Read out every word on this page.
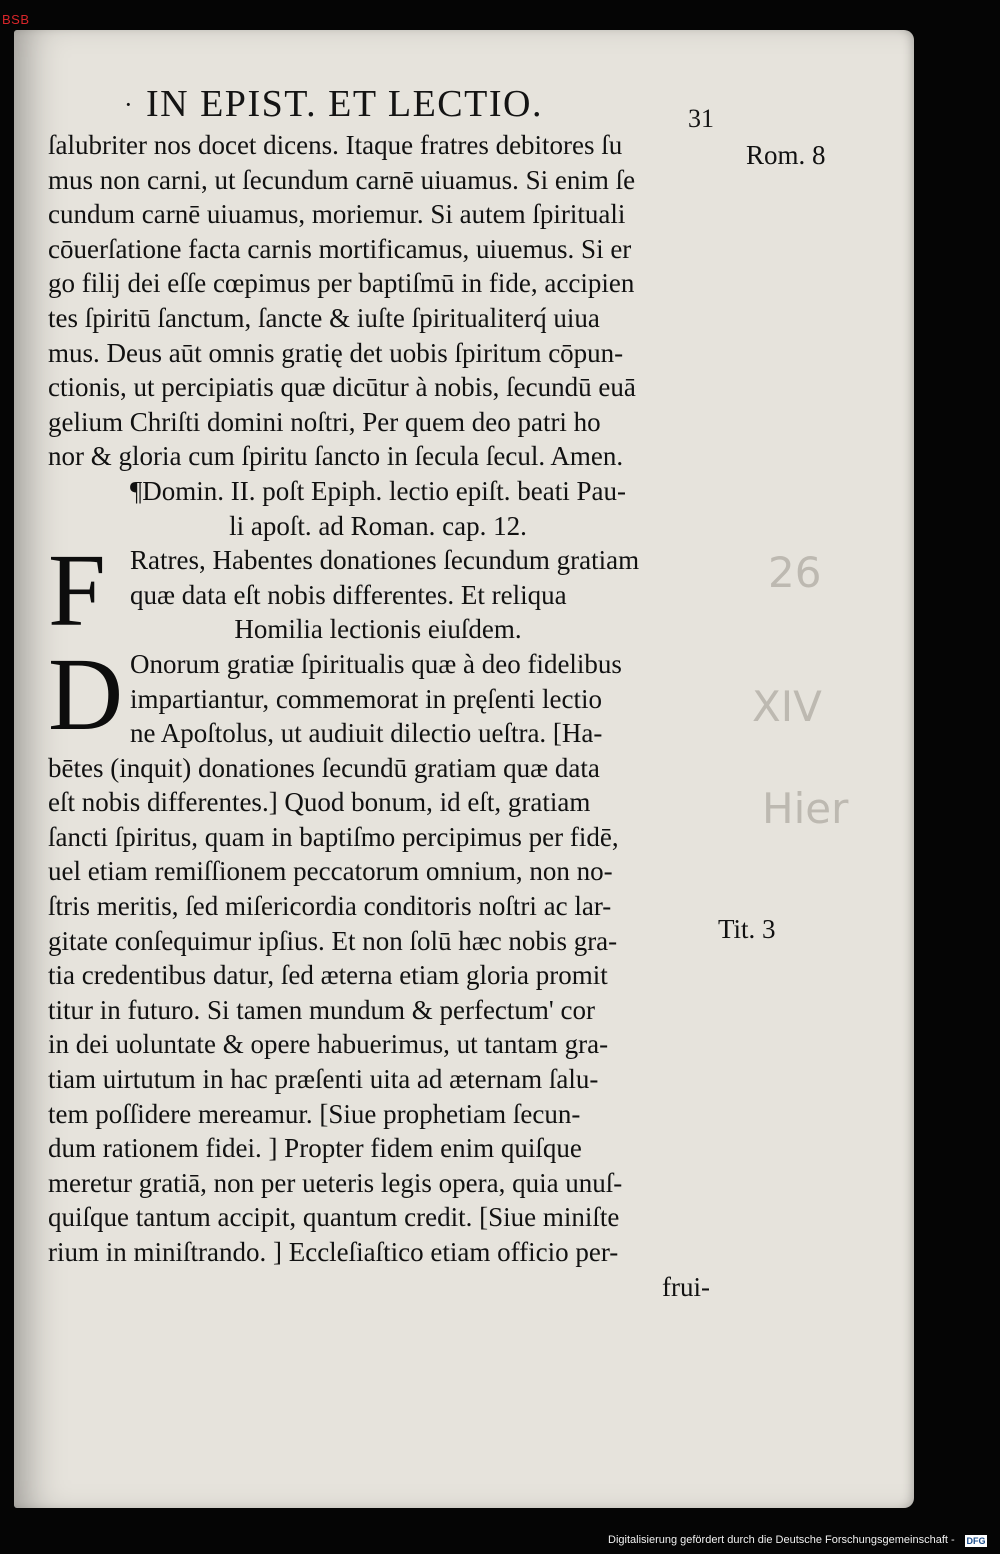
BSB
· IN EPIST. ET LECTIO.	31
ſalubriter nos docet dicens. Itaque fratres debitores ſu
mus non carni, ut ſecundum carnē uiuamus. Si enim ſe
cundum carnē uiuamus, moriemur. Si autem ſpirituali
cōuerſatione facta carnis mortificamus, uiuemus. Si er
go filij dei eſſe cœpimus per baptiſmū in fide, accipien
tes ſpiritū ſanctum, ſancte & iuſte ſpiritualiterq́ uiua
mus. Deus aūt omnis gratię det uobis ſpiritum cōpun-
ctionis, ut percipiatis quæ dicūtur à nobis, ſecundū euā
gelium Chriſti domini noſtri, Per quem deo patri ho
nor & gloria cum ſpiritu ſancto in ſecula ſecul. Amen.
¶Domin. II. poſt Epiph. lectio epiſt. beati Pau-
li apoſt. ad Roman. cap. 12.
F Ratres, Habentes donationes ſecundum gratiam
quæ data eſt nobis differentes. Et reliqua
Homilia lectionis eiuſdem.
D Onorum gratiæ ſpiritualis quæ à deo fidelibus
impartiantur, commemorat in pręſenti lectio
ne Apoſtolus, ut audiuit dilectio ueſtra. [Ha-
bētes (inquit) donationes ſecundū gratiam quæ data
eſt nobis differentes.] Quod bonum, id eſt, gratiam
ſancti ſpiritus, quam in baptiſmo percipimus per fidē,
uel etiam remiſſionem peccatorum omnium, non no-
ſtris meritis, ſed miſericordia conditoris noſtri ac lar-
gitate conſequimur ipſius. Et non ſolū hæc nobis gra-
tia credentibus datur, ſed æterna etiam gloria promit
titur in futuro. Si tamen mundum & perfectum' cor
in dei uoluntate & opere habuerimus, ut tantam gra-
tiam uirtutum in hac præſenti uita ad æternam ſalu-
tem poſſidere mereamur. [Siue prophetiam ſecun-
dum rationem fidei. ] Propter fidem enim quiſque
meretur gratiā, non per ueteris legis opera, quia unuſ-
quiſque tantum accipit, quantum credit. [Siue miniſte
rium in miniſtrando. ] Eccleſiaſtico etiam officio per-
frui-
Rom. 8
Tit. 3
26
XIV
Hier
Digitalisierung gefördert durch die Deutsche Forschungsgemeinschaft - DFG
